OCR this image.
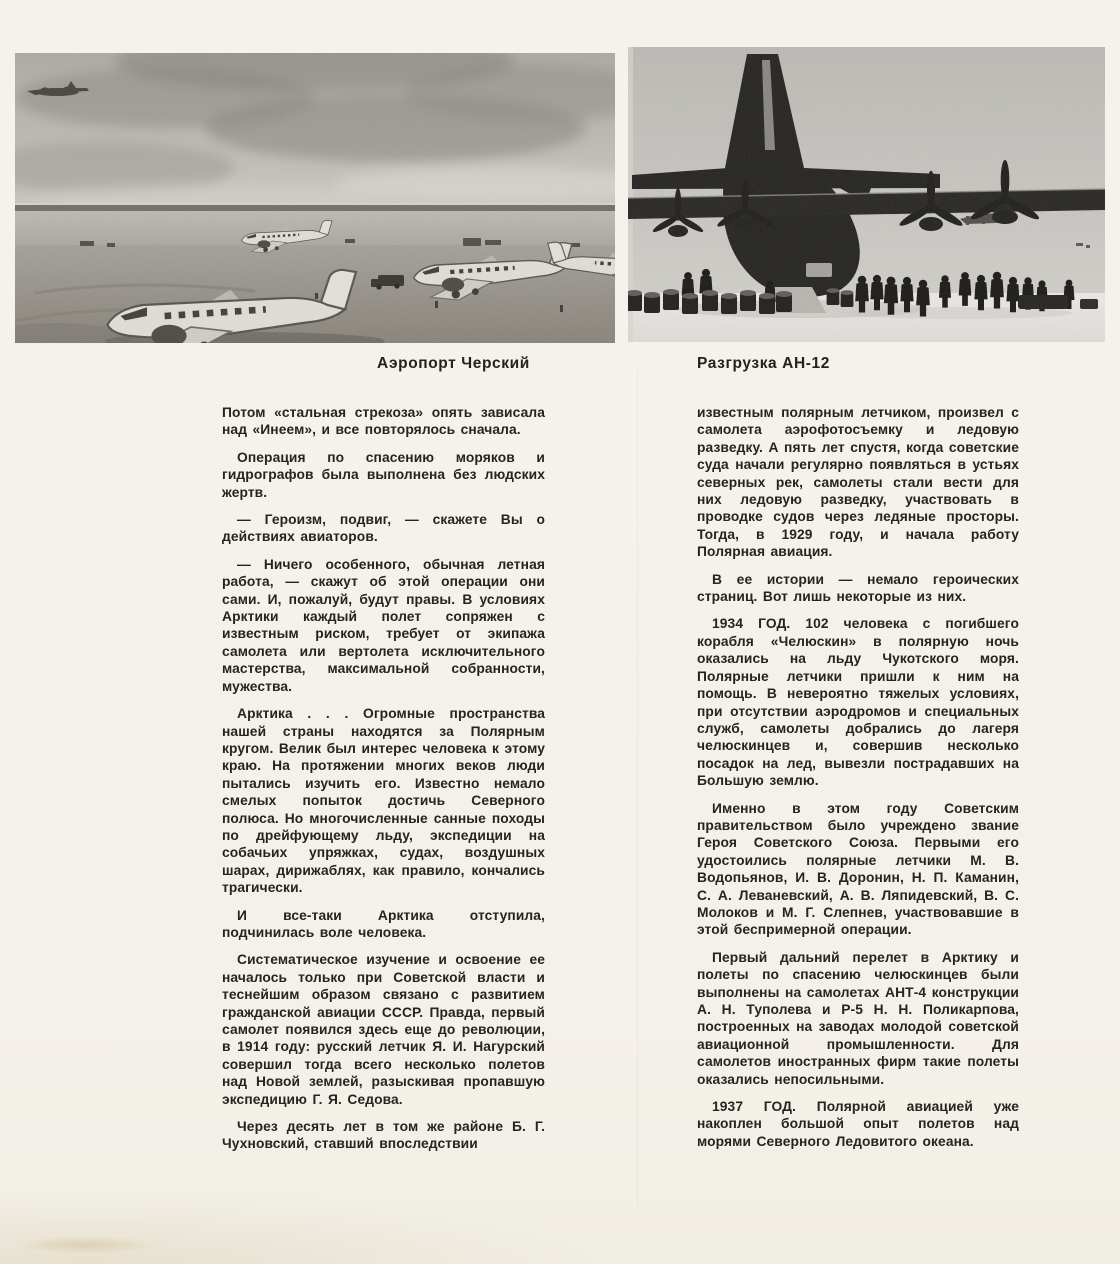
Аэропорт Черский	Разгрузка АН-12

Потом «стальная стрекоза» опять зависала над «Инеем», и все повторялось сначала.

Операция по спасению моряков и гидрографов была выполнена без людских жертв.

— Героизм, подвиг, — скажете Вы о действиях авиаторов.

— Ничего особенного, обычная летная работа, — скажут об этой операции они сами. И, пожалуй, будут правы. В условиях Арктики каждый полет сопряжен с известным риском, требует от экипажа самолета или вертолета исключительного мастерства, максимальной собранности, мужества.

Арктика . . . Огромные пространства нашей страны находятся за Полярным кругом. Велик был интерес человека к этому краю. На протяжении многих веков люди пытались изучить его. Известно немало смелых попыток достичь Северного полюса. Но многочисленные санные походы по дрейфующему льду, экспедиции на собачьих упряжках, судах, воздушных шарах, дирижаблях, как правило, кончались трагически.

И все-таки Арктика отступила, подчинилась воле человека.

Систематическое изучение и освоение ее началось только при Советской власти и теснейшим образом связано с развитием гражданской авиации СССР. Правда, первый самолет появился здесь еще до революции, в 1914 году: русский летчик Я. И. Нагурский совершил тогда всего несколько полетов над Новой землей, разыскивая пропавшую экспедицию Г. Я. Седова.

Через десять лет в том же районе Б. Г. Чухновский, ставший впоследствии

известным полярным летчиком, произвел с самолета аэрофотосъемку и ледовую разведку. А пять лет спустя, когда советские суда начали регулярно появляться в устьях северных рек, самолеты стали вести для них ледовую разведку, участвовать в проводке судов через ледяные просторы. Тогда, в 1929 году, и начала работу Полярная авиация.

В ее истории — немало героических страниц. Вот лишь некоторые из них.

1934 ГОД. 102 человека с погибшего корабля «Челюскин» в полярную ночь оказались на льду Чукотского моря. Полярные летчики пришли к ним на помощь. В невероятно тяжелых условиях, при отсутствии аэродромов и специальных служб, самолеты добрались до лагеря челюскинцев и, совершив несколько посадок на лед, вывезли пострадавших на Большую землю.

Именно в этом году Советским правительством было учреждено звание Героя Советского Союза. Первыми его удостоились полярные летчики М. В. Водопьянов, И. В. Доронин, Н. П. Каманин, С. А. Леваневский, А. В. Ляпидевский, В. С. Молоков и М. Г. Слепнев, участвовавшие в этой беспримерной операции.

Первый дальний перелет в Арктику и полеты по спасению челюскинцев были выполнены на самолетах АНТ-4 конструкции А. Н. Туполева и Р-5 Н. Н. Поликарпова, построенных на заводах молодой советской авиационной промышленности. Для самолетов иностранных фирм такие полеты оказались непосильными.

1937 ГОД. Полярной авиацией уже накоплен большой опыт полетов над морями Северного Ледовитого океана.
